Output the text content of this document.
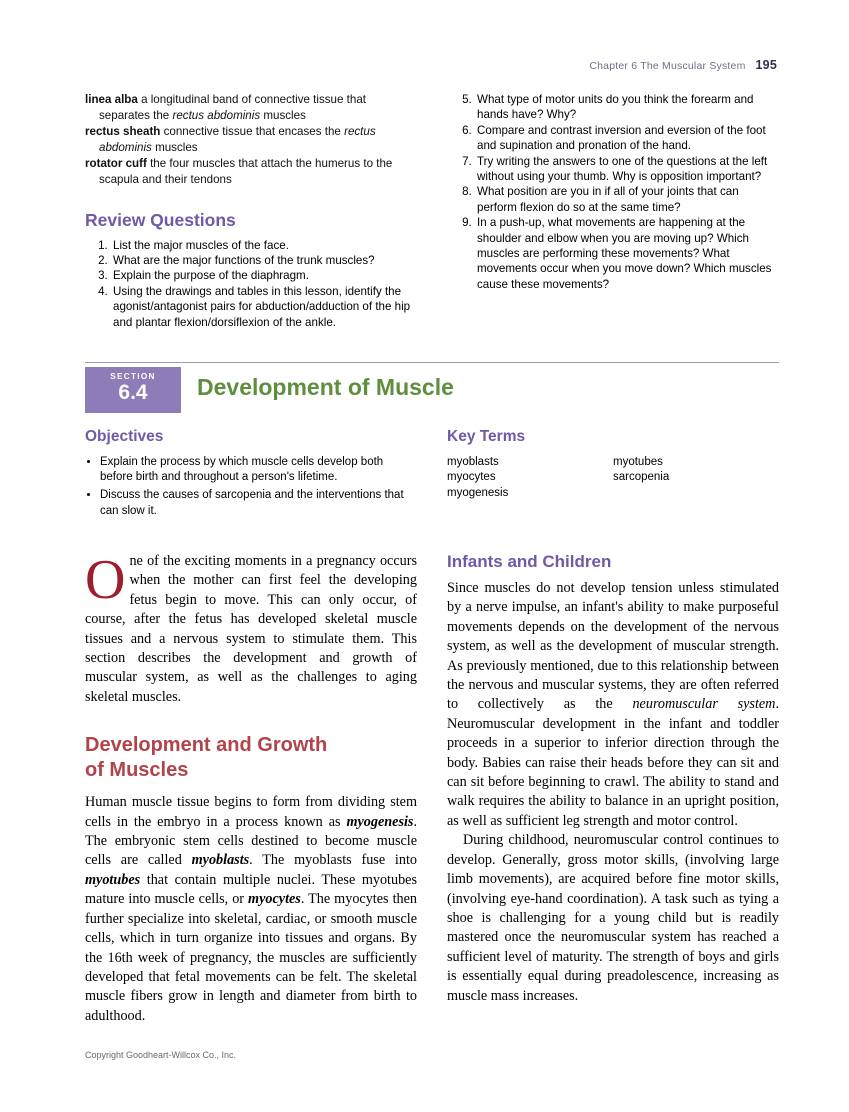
Chapter 6 The Muscular System 195

linea alba a longitudinal band of connective tissue that separates the rectus abdominis muscles

rectus sheath connective tissue that encases the rectus abdominis muscles

rotator cuff the four muscles that attach the humerus to the scapula and their tendons

Review Questions
1. List the major muscles of the face.
2. What are the major functions of the trunk muscles?
3. Explain the purpose of the diaphragm.
4. Using the drawings and tables in this lesson, identify the agonist/antagonist pairs for abduction/adduction of the hip and plantar flexion/dorsiflexion of the ankle.
5. What type of motor units do you think the forearm and hands have? Why?
6. Compare and contrast inversion and eversion of the foot and supination and pronation of the hand.
7. Try writing the answers to one of the questions at the left without using your thumb. Why is opposition important?
8. What position are you in if all of your joints that can perform flexion do so at the same time?
9. In a push-up, what movements are happening at the shoulder and elbow when you are moving up? Which muscles are performing these movements? What movements occur when you move down? Which muscles cause these movements?
SECTION
6.4	Development of Muscle
Objectives
• Explain the process by which muscle cells develop both before birth and throughout a person's lifetime.
• Discuss the causes of sarcopenia and the interventions that can slow it.
Key Terms
myoblasts
myocytes
myogenesis
myotubes
sarcopenia

One of the exciting moments in a pregnancy occurs when the mother can first feel the developing fetus begin to move. This can only occur, of course, after the fetus has developed skeletal muscle tissues and a nervous system to stimulate them. This section describes the development and growth of muscular system, as well as the challenges to aging skeletal muscles.

Development and Growth
of Muscles

Human muscle tissue begins to form from dividing stem cells in the embryo in a process known as myogenesis. The embryonic stem cells destined to become muscle cells are called myoblasts. The myoblasts fuse into myotubes that contain multiple nuclei. These myotubes mature into muscle cells, or myocytes. The myocytes then further specialize into skeletal, cardiac, or smooth muscle cells, which in turn organize into tissues and organs. By the 16th week of pregnancy, the muscles are sufficiently developed that fetal movements can be felt. The skeletal muscle fibers grow in length and diameter from birth to adulthood.

Infants and Children

Since muscles do not develop tension unless stimulated by a nerve impulse, an infant's ability to make purposeful movements depends on the development of the nervous system, as well as the development of muscular strength. As previously mentioned, due to this relationship between the nervous and muscular systems, they are often referred to collectively as the neuromuscular system. Neuromuscular development in the infant and toddler proceeds in a superior to inferior direction through the body. Babies can raise their heads before they can sit and can sit before beginning to crawl. The ability to stand and walk requires the ability to balance in an upright position, as well as sufficient leg strength and motor control.

During childhood, neuromuscular control continues to develop. Generally, gross motor skills, (involving large limb movements), are acquired before fine motor skills, (involving eye-hand coordination). A task such as tying a shoe is challenging for a young child but is readily mastered once the neuromuscular system has reached a sufficient level of maturity. The strength of boys and girls is essentially equal during preadolescence, increasing as muscle mass increases.

Copyright Goodheart-Willcox Co., Inc.
